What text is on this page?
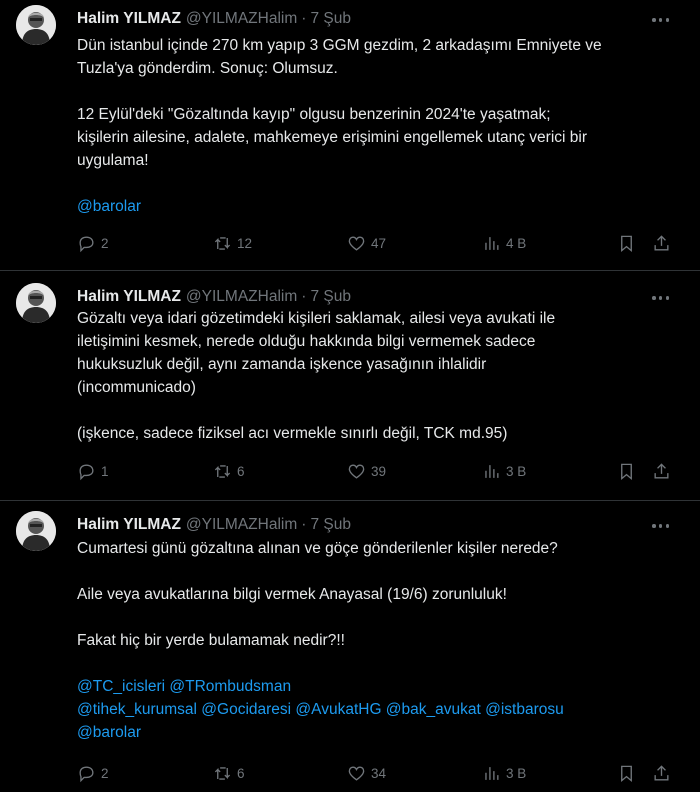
Halim YILMAZ @YILMAZHalim · 7 Şub
Dün istanbul içinde 270 km yapıp 3 GGM gezdim, 2 arkadaşımı Emniyete ve
Tuzla'ya gönderdim. Sonuç: Olumsuz.
12 Eylül'deki "Gözaltında kayıp" olgusu benzerinin 2024'te yaşatmak;
kişilerin ailesine, adalete, mahkemeye erişimini engellemek utanç verici bir
uygulama!
@barolar
2	12	47	4 B
Halim YILMAZ @YILMAZHalim · 7 Şub
Gözaltı veya idari gözetimdeki kişileri saklamak, ailesi veya avukati ile
iletişimini kesmek, nerede olduğu hakkında bilgi vermemek sadece
hukuksuzluk değil, aynı zamanda işkence yasağının ihlalidir
(incommunicado)
(işkence, sadece fiziksel acı vermekle sınırlı değil, TCK md.95)
1	6	39	3 B
Halim YILMAZ @YILMAZHalim · 7 Şub
Cumartesi günü gözaltına alınan ve göçe gönderilenler kişiler nerede?
Aile veya avukatlarına bilgi vermek Anayasal (19/6) zorunluluk!
Fakat hiç bir yerde bulamamak nedir?!!
@TC_icisleri @TRombudsman
@tihek_kurumsal @Gocidaresi @AvukatHG @bak_avukat @istbarosu
@barolar
2	6	34	3 B
